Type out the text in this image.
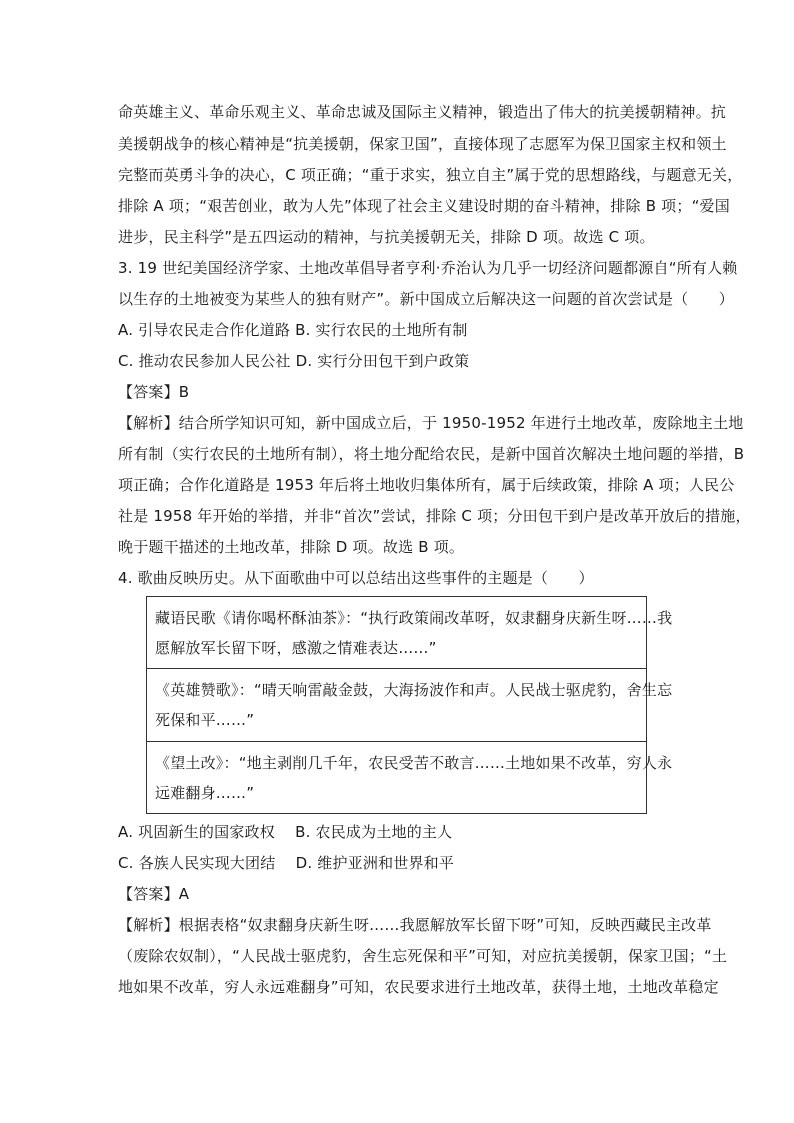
命英雄主义、革命乐观主义、革命忠诚及国际主义精神，锻造出了伟大的抗美援朝精神。抗
美援朝战争的核心精神是“抗美援朝，保家卫国”，直接体现了志愿军为保卫国家主权和领土
完整而英勇斗争的决心，C 项正确；“重于求实，独立自主”属于党的思想路线，与题意无关，
排除 A 项；“艰苦创业，敢为人先”体现了社会主义建设时期的奋斗精神，排除 B 项；“爱国
进步，民主科学”是五四运动的精神，与抗美援朝无关，排除 D 项。故选 C 项。
3. 19 世纪美国经济学家、土地改革倡导者亨利·乔治认为几乎一切经济问题都源自“所有人赖
以生存的土地被变为某些人的独有财产”。新中国成立后解决这一问题的首次尝试是（　　）
A. 引导农民走合作化道路 B. 实行农民的土地所有制
C. 推动农民参加人民公社 D. 实行分田包干到户政策
【答案】B
【解析】结合所学知识可知，新中国成立后，于 1950-1952 年进行土地改革，废除地主土地
所有制（实行农民的土地所有制），将土地分配给农民，是新中国首次解决土地问题的举措，B
项正确；合作化道路是 1953 年后将土地收归集体所有，属于后续政策，排除 A 项；人民公
社是 1958 年开始的举措，并非“首次”尝试，排除 C 项；分田包干到户是改革开放后的措施，
晚于题干描述的土地改革，排除 D 项。故选 B 项。
4. 歌曲反映历史。从下面歌曲中可以总结出这些事件的主题是（　　）
藏语民歌《请你喝杯酥油茶》：“执行政策闹改革呀，奴隶翻身庆新生呀……我
愿解放军长留下呀，感激之情难表达……”
《英雄赞歌》：“晴天响雷敲金鼓，大海扬波作和声。人民战士驱虎豹，舍生忘
死保和平……”
《望土改》：“地主剥削几千年，农民受苦不敢言……土地如果不改革，穷人永
远难翻身……”
A. 巩固新生的国家政权　 B. 农民成为土地的主人
C. 各族人民实现大团结　 D. 维护亚洲和世界和平
【答案】A
【解析】根据表格“奴隶翻身庆新生呀……我愿解放军长留下呀”可知，反映西藏民主改革
（废除农奴制），“人民战士驱虎豹，舍生忘死保和平”可知，对应抗美援朝，保家卫国；“土
地如果不改革，穷人永远难翻身”可知，农民要求进行土地改革，获得土地，土地改革稳定
